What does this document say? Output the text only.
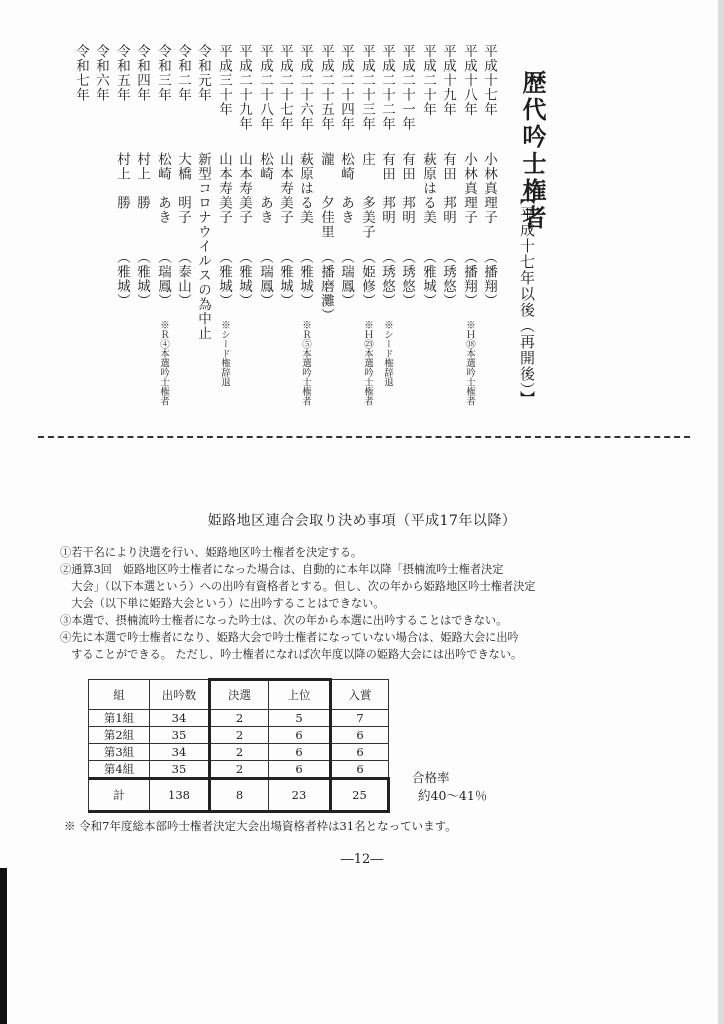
歴代吟士権者
【平成十七年以後（再開後）】
平成十七年
小林真理子
（播翔）
平成十八年
小林真理子
（播翔）
※Ｈ⑱本選吟士権者
平成十九年
有田　邦明
（琇悠）
平成二十年
萩原はる美
（雅城）
平成二十一年
有田　邦明
（琇悠）
平成二十二年
有田　邦明
（琇悠）
※シード権辞退
平成二十三年
庄　　多美子
（姫修）
※Ｈ㉓本選吟士権者
平成二十四年
松崎　あき
（瑞鳳）
平成二十五年
瀧　　夕佳里
（播磨灘）
平成二十六年
萩原はる美
（雅城）
※Ｒ⑤本選吟士権者
平成二十七年
山本寿美子
（雅城）
平成二十八年
松崎　あき
（瑞鳳）
平成二十九年
山本寿美子
（雅城）
平成三十年
山本寿美子
（雅城）
※シード権辞退
令和元年
新型コロナウイルスの為中止
令和二年
大橋　明子
（泰山）
令和三年
松崎　あき
（瑞鳳）
※Ｒ④本選吟士権者
令和四年
村上　勝
（雅城）
令和五年
村上　勝
（雅城）
令和六年
令和七年
姫路地区連合会取り決め事項（平成17年以降）

①若干名により決選を行い、姫路地区吟士権者を決定する。

②通算3回　姫路地区吟士権者になった場合は、自動的に本年以降「摂楠流吟士権者決定

　大会」（以下本選という）への出吟有資格者とする。但し、次の年から姫路地区吟士権者決定

　大会（以下単に姫路大会という）に出吟することはできない。

③本選で、摂楠流吟士権者になった吟士は、次の年から本選に出吟することはできない。

④先に本選で吟士権者になり、姫路大会で吟士権者になっていない場合は、姫路大会に出吟

　することができる。 ただし、吟士権者になれば次年度以降の姫路大会には出吟できない。

組	出吟数	決選	上位	入賞
第1組	34	2	5	7
第2組	35	2	6	6
第3組	34	2	6	6
第4組	35	2	6	6
計	138	8	23	25
合格率
約40～41％
※ 令和7年度総本部吟士権者決定大会出場資格者枠は31名となっています。
―12―
